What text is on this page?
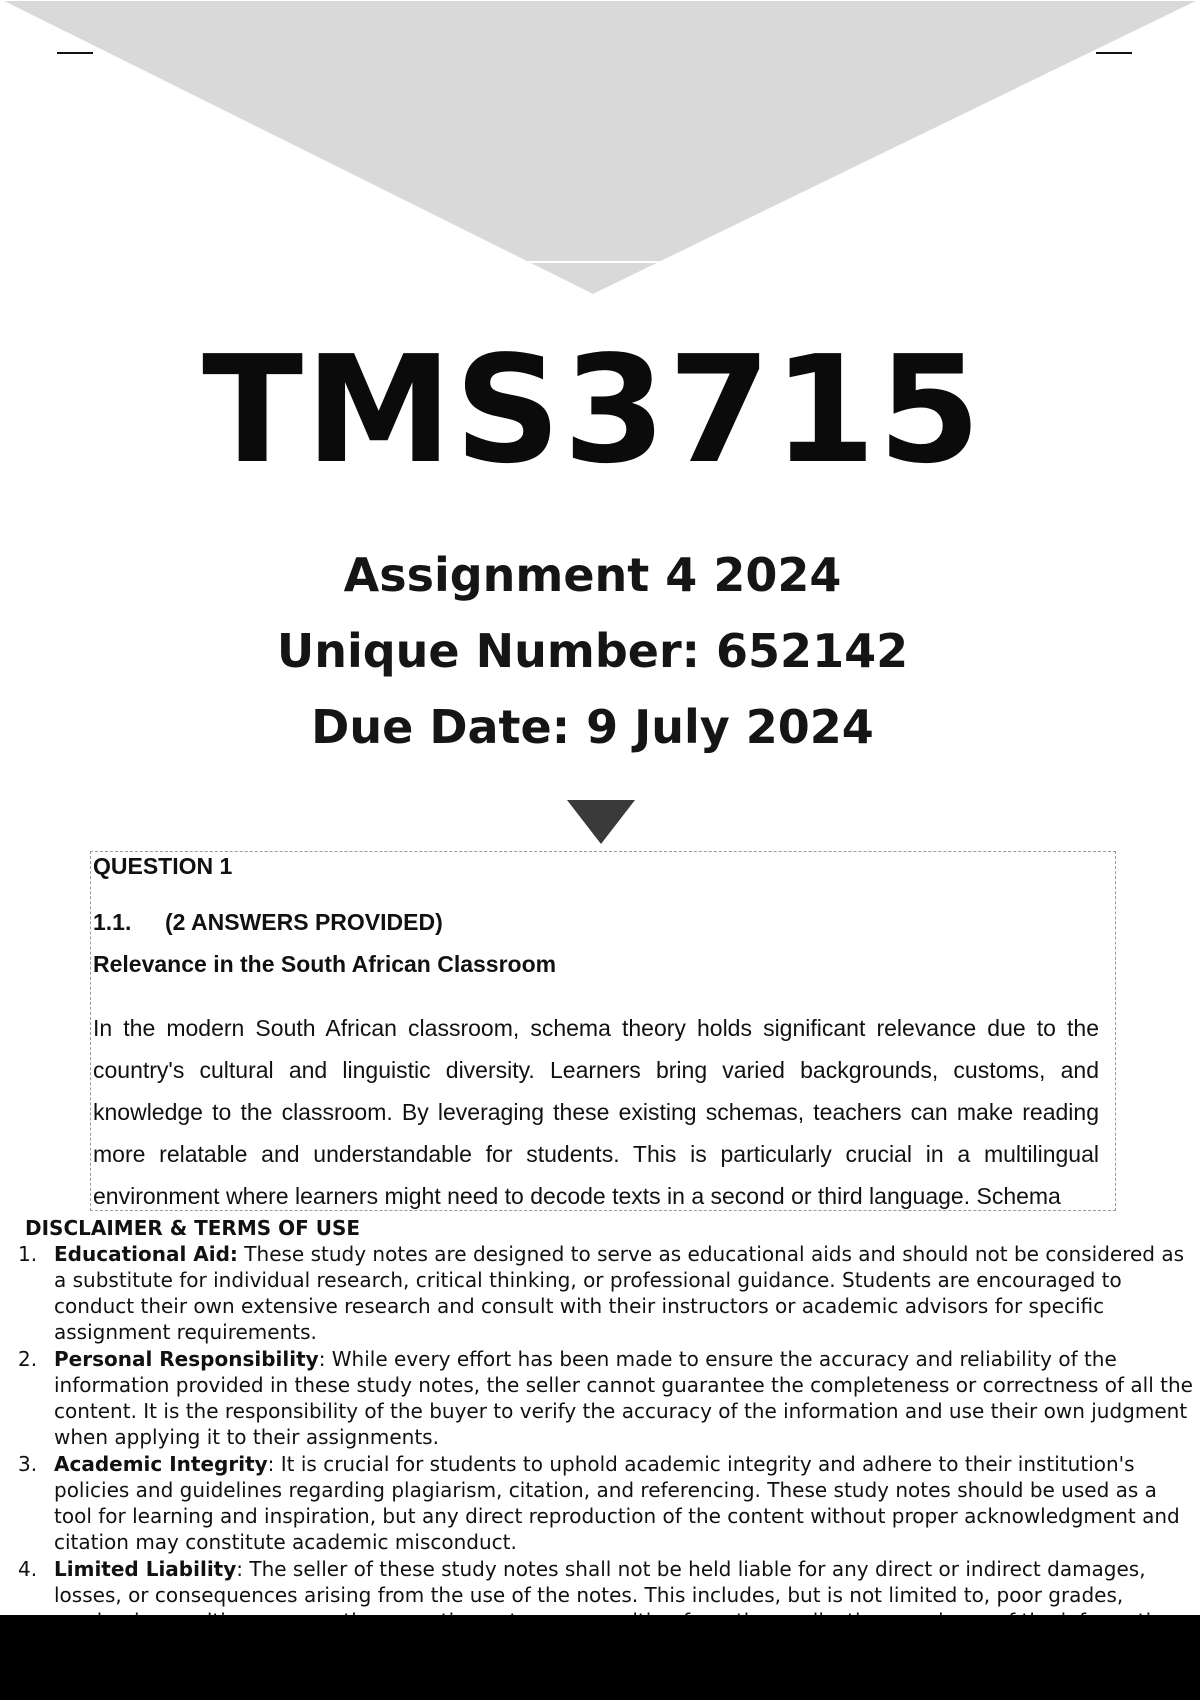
TMS3715
Assignment 4 2024
Unique Number: 652142
Due Date: 9 July 2024
QUESTION 1
1.1. (2 ANSWERS PROVIDED)
Relevance in the South African Classroom

In the modern South African classroom, schema theory holds significant relevance due to the country's cultural and linguistic diversity. Learners bring varied backgrounds, customs, and knowledge to the classroom. By leveraging these existing schemas, teachers can make reading more relatable and understandable for students. This is particularly crucial in a multilingual environment where learners might need to decode texts in a second or third language. Schema

DISCLAIMER & TERMS OF USE
1. Educational Aid: These study notes are designed to serve as educational aids and should not be considered as a substitute for individual research, critical thinking, or professional guidance. Students are encouraged to conduct their own extensive research and consult with their instructors or academic advisors for specific assignment requirements.
2. Personal Responsibility: While every effort has been made to ensure the accuracy and reliability of the information provided in these study notes, the seller cannot guarantee the completeness or correctness of all the content. It is the responsibility of the buyer to verify the accuracy of the information and use their own judgment when applying it to their assignments.
3. Academic Integrity: It is crucial for students to uphold academic integrity and adhere to their institution's policies and guidelines regarding plagiarism, citation, and referencing. These study notes should be used as a tool for learning and inspiration, but any direct reproduction of the content without proper acknowledgment and citation may constitute academic misconduct.
4. Limited Liability: The seller of these study notes shall not be held liable for any direct or indirect damages, losses, or consequences arising from the use of the notes. This includes, but is not limited to, poor grades,
